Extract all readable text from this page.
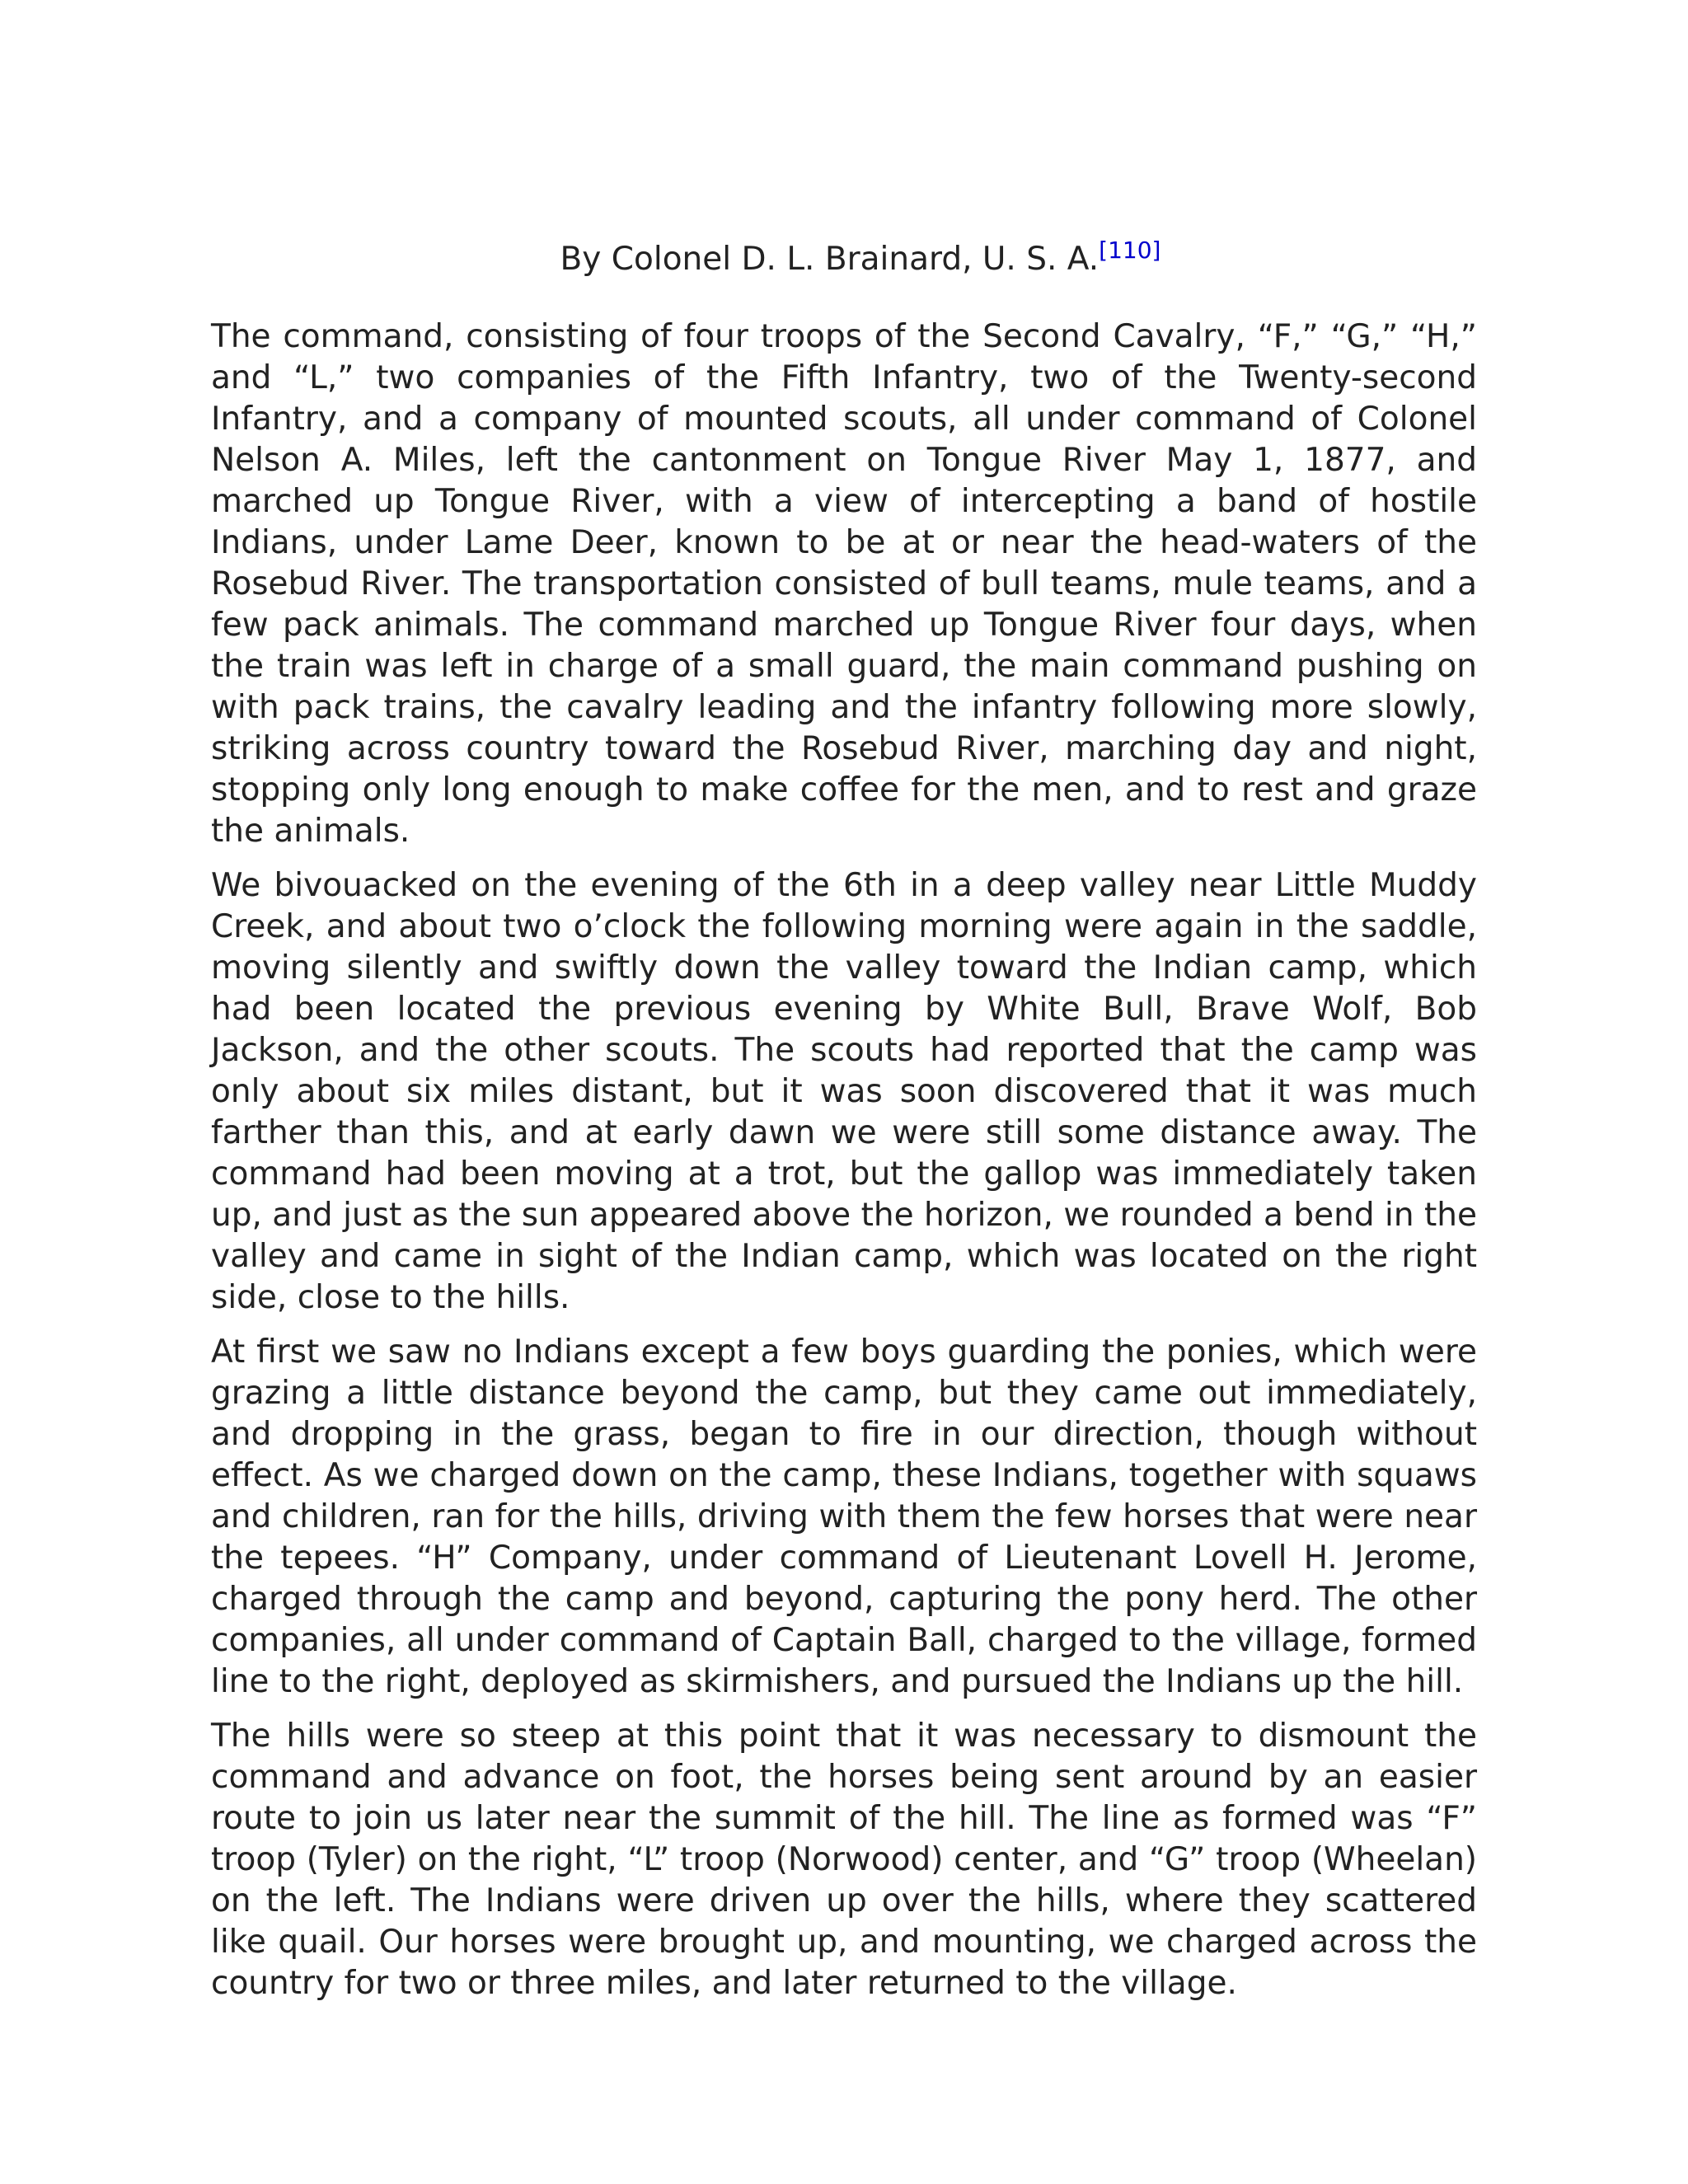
By Colonel D. L. Brainard, U. S. A.[110]

The command, consisting of four troops of the Second Cavalry, “F,” “G,” “H,” and “L,” two companies of the Fifth Infantry, two of the Twenty-second Infantry, and a company of mounted scouts, all under command of Colonel Nelson A. Miles, left the cantonment on Tongue River May 1, 1877, and marched up Tongue River, with a view of intercepting a band of hostile Indians, under Lame Deer, known to be at or near the head-waters of the Rosebud River. The transportation consisted of bull teams, mule teams, and a few pack animals. The command marched up Tongue River four days, when the train was left in charge of a small guard, the main command pushing on with pack trains, the cavalry leading and the infantry following more slowly, striking across country toward the Rosebud River, marching day and night, stopping only long enough to make coffee for the men, and to rest and graze the animals.

We bivouacked on the evening of the 6th in a deep valley near Little Muddy Creek, and about two o’clock the following morning were again in the saddle, moving silently and swiftly down the valley toward the Indian camp, which had been located the previous evening by White Bull, Brave Wolf, Bob Jackson, and the other scouts. The scouts had reported that the camp was only about six miles distant, but it was soon discovered that it was much farther than this, and at early dawn we were still some distance away. The command had been moving at a trot, but the gallop was immediately taken up, and just as the sun appeared above the horizon, we rounded a bend in the valley and came in sight of the Indian camp, which was located on the right side, close to the hills.

At first we saw no Indians except a few boys guarding the ponies, which were grazing a little distance beyond the camp, but they came out immediately, and dropping in the grass, began to fire in our direction, though without effect. As we charged down on the camp, these Indians, together with squaws and children, ran for the hills, driving with them the few horses that were near the tepees. “H” Company, under command of Lieutenant Lovell H. Jerome, charged through the camp and beyond, capturing the pony herd. The other companies, all under command of Captain Ball, charged to the village, formed line to the right, deployed as skirmishers, and pursued the Indians up the hill.

The hills were so steep at this point that it was necessary to dismount the command and advance on foot, the horses being sent around by an easier route to join us later near the summit of the hill. The line as formed was “F” troop (Tyler) on the right, “L” troop (Norwood) center, and “G” troop (Wheelan) on the left. The Indians were driven up over the hills, where they scattered like quail. Our horses were brought up, and mounting, we charged across the country for two or three miles, and later returned to the village.
